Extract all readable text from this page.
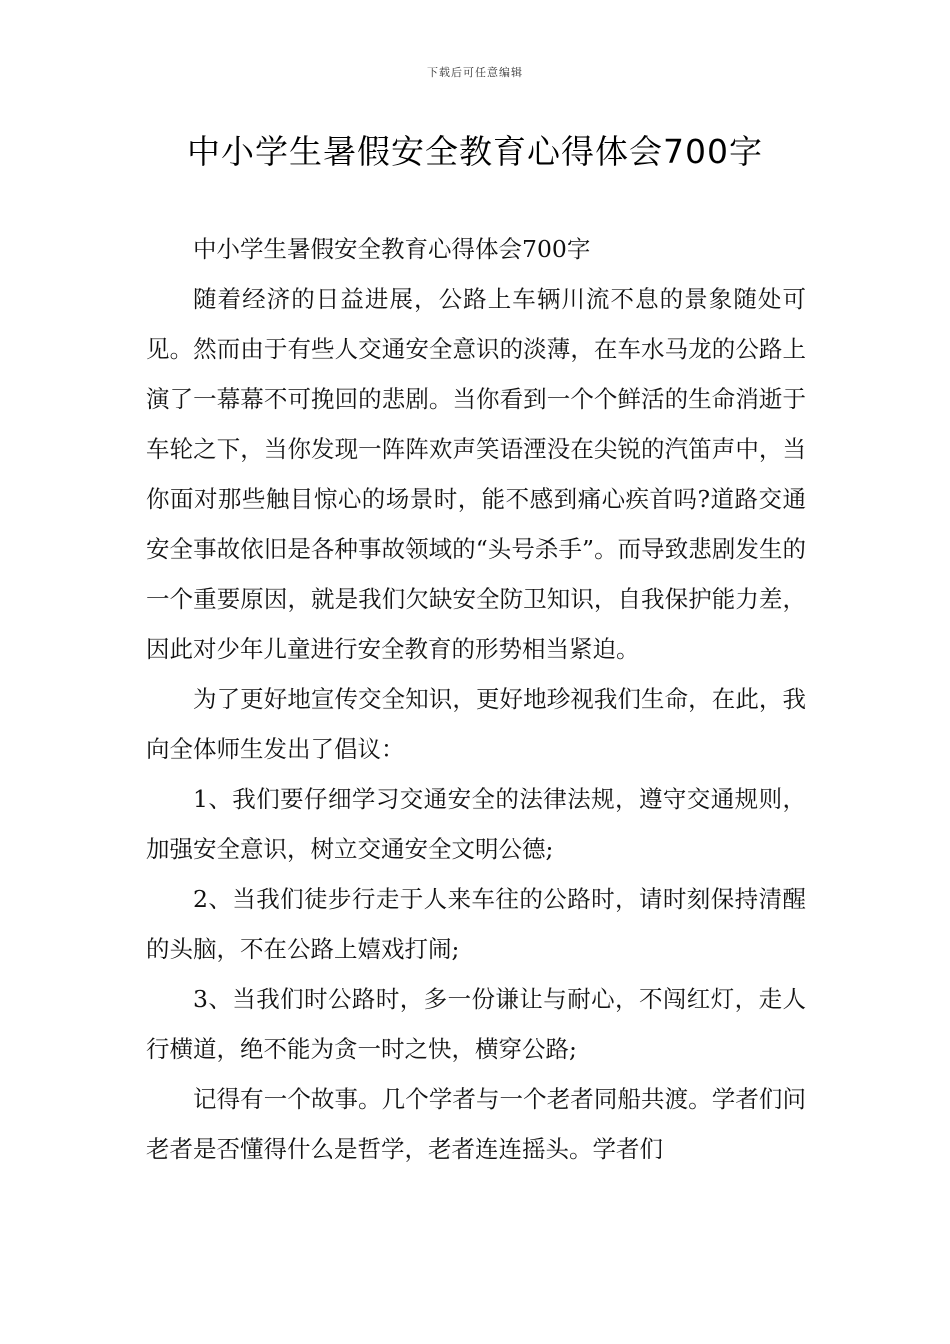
下载后可任意编辑
中小学生暑假安全教育心得体会700字

中小学生暑假安全教育心得体会700字

随着经济的日益进展，公路上车辆川流不息的景象随处可见。然而由于有些人交通安全意识的淡薄，在车水马龙的公路上演了一幕幕不可挽回的悲剧。当你看到一个个鲜活的生命消逝于车轮之下，当你发现一阵阵欢声笑语湮没在尖锐的汽笛声中，当你面对那些触目惊心的场景时，能不感到痛心疾首吗?道路交通安全事故依旧是各种事故领域的“头号杀手”。而导致悲剧发生的一个重要原因，就是我们欠缺安全防卫知识，自我保护能力差，因此对少年儿童进行安全教育的形势相当紧迫。

为了更好地宣传交全知识，更好地珍视我们生命，在此，我向全体师生发出了倡议：

1、我们要仔细学习交通安全的法律法规，遵守交通规则，加强安全意识，树立交通安全文明公德;

2、当我们徒步行走于人来车往的公路时，请时刻保持清醒的头脑，不在公路上嬉戏打闹;

3、当我们时公路时，多一份谦让与耐心，不闯红灯，走人行横道，绝不能为贪一时之快，横穿公路;

记得有一个故事。几个学者与一个老者同船共渡。学者们问老者是否懂得什么是哲学，老者连连摇头。学者们
